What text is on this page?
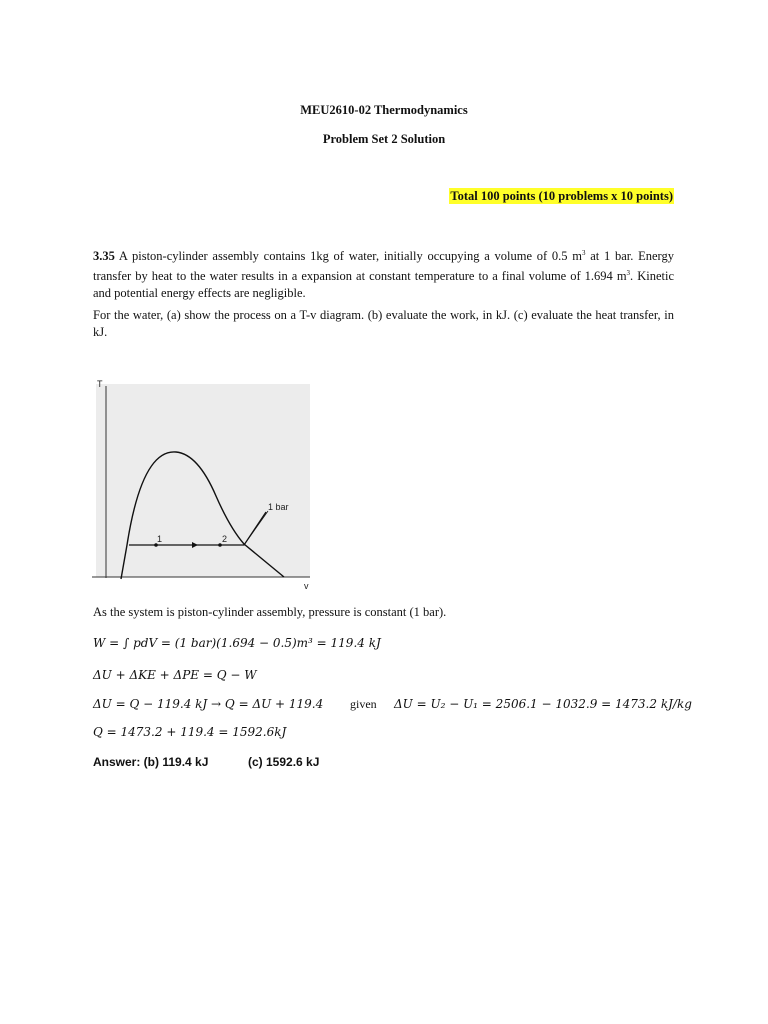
MEU2610-02 Thermodynamics
Problem Set 2 Solution
Total 100 points (10 problems x 10 points)
3.35 A piston-cylinder assembly contains 1kg of water, initially occupying a volume of 0.5 $m^3$ at 1 bar. Energy transfer by heat to the water results in a expansion at constant temperature to a final volume of 1.694 $m^3$. Kinetic and potential energy effects are negligible.
For the water, (a) show the process on a T-v diagram. (b) evaluate the work, in kJ. (c) evaluate the heat transfer, in kJ.
T
v
1	2
1 bar
As the system is piston-cylinder assembly, pressure is constant (1 bar).
W = ∫ pdV = (1 bar)(1.694 − 0.5)m³ = 119.4 kJ
ΔU + ΔKE + ΔPE = Q − W
ΔU = Q − 119.4 kJ → Q = ΔU + 119.4 given ΔU = U₂ − U₁ = 2506.1 − 1032.9 = 1473.2 kJ/kg
Q = 1473.2 + 119.4 = 1592.6kJ
Answer: (b) 119.4 kJ	(c) 1592.6 kJ
